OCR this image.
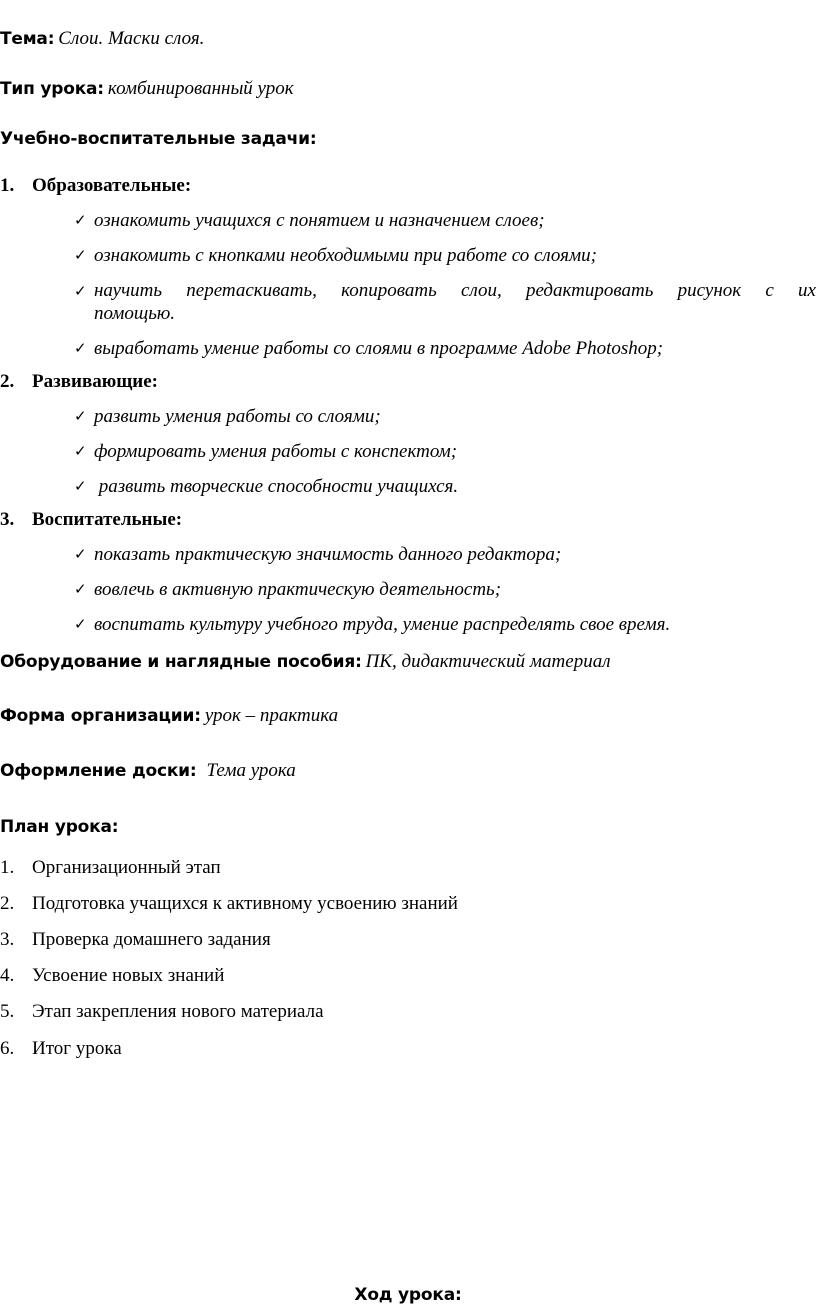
Тема: Слои. Маски слоя.
Тип урока: комбинированный урок
Учебно-воспитательные задачи:
1. Образовательные:
✓ ознакомить учащихся с понятием и назначением слоев;
✓ ознакомить с кнопками необходимыми при работе со слоями;
✓ научить перетаскивать, копировать слои, редактировать рисунок с их
помощью.
✓ выработать умение работы со слоями в программе Adobe Photoshop;
2. Развивающие:
✓ развить умения работы со слоями;
✓ формировать умения работы с конспектом;
✓ развить творческие способности учащихся.
3. Воспитательные:
✓ показать практическую значимость данного редактора;
✓ вовлечь в активную практическую деятельность;
✓ воспитать культуру учебного труда, умение распределять свое время.
Оборудование и наглядные пособия: ПК, дидактический материал
Форма организации: урок – практика
Оформление доски: Тема урока
План урока:
1. Организационный этап
2. Подготовка учащихся к активному усвоению знаний
3. Проверка домашнего задания
4. Усвоение новых знаний
5. Этап закрепления нового материала
6. Итог урока
Ход урока:
